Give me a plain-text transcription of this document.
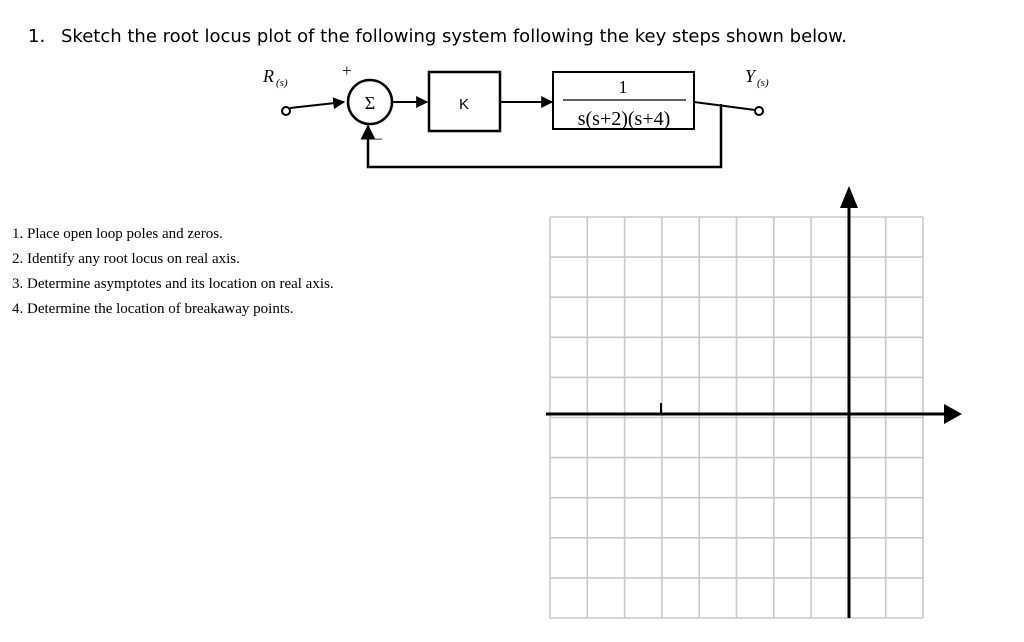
1. Sketch the root locus plot of the following system following the key steps shown below.
R (s)
+
Σ
–
K
1
s(s+2)(s+4)
Y (s)
1. Place open loop poles and zeros.
2. Identify any root locus on real axis.
3. Determine asymptotes and its location on real axis.
4. Determine the location of breakaway points.
